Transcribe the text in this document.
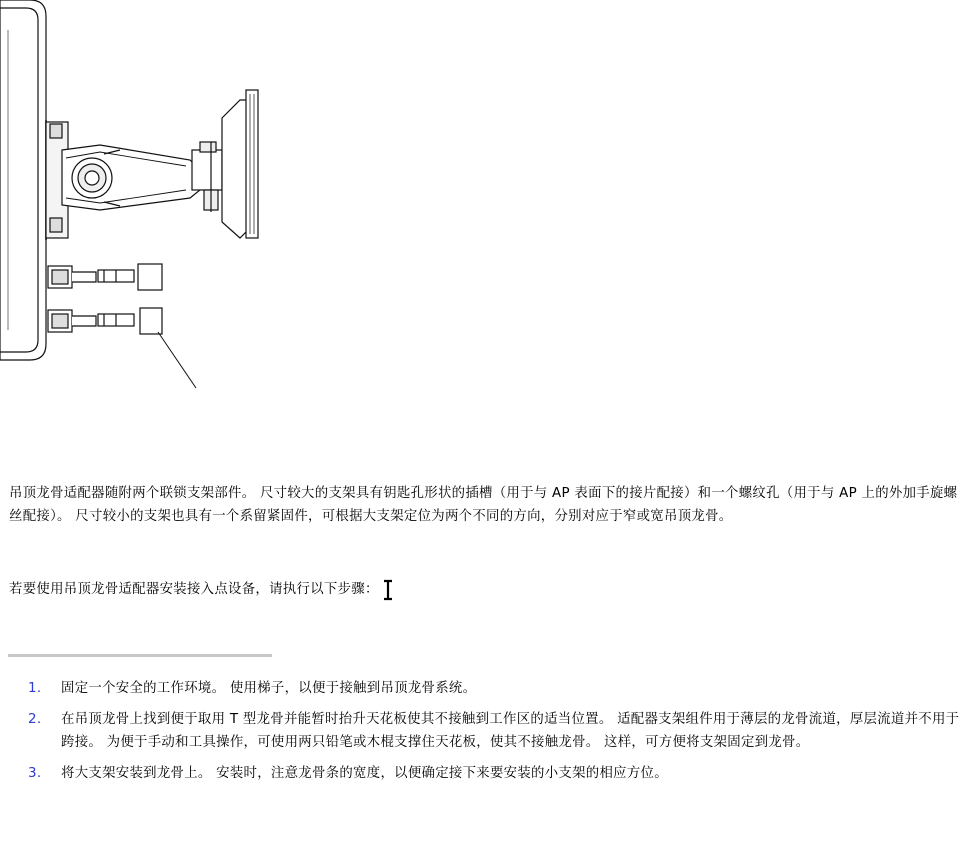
吊顶龙骨适配器随附两个联锁支架部件。 尺寸较大的支架具有钥匙孔形状的插槽（用于与 AP 表面下的接片配接）和一个螺纹孔（用于与 AP 上的外加手旋螺丝配接）。 尺寸较小的支架也具有一个系留紧固件，可根据大支架定位为两个不同的方向，分别对应于窄或宽吊顶龙骨。

若要使用吊顶龙骨适配器安装接入点设备，请执行以下步骤：
1. 固定一个安全的工作环境。 使用梯子，以便于接触到吊顶龙骨系统。
2. 在吊顶龙骨上找到便于取用 T 型龙骨并能暂时抬升天花板使其不接触到工作区的适当位置。 适配器支架组件用于薄层的龙骨流道，厚层流道并不用于跨接。 为便于手动和工具操作，可使用两只铅笔或木棍支撑住天花板，使其不接触龙骨。 这样，可方便将支架固定到龙骨。
3. 将大支架安装到龙骨上。 安装时，注意龙骨条的宽度，以便确定接下来要安装的小支架的相应方位。
